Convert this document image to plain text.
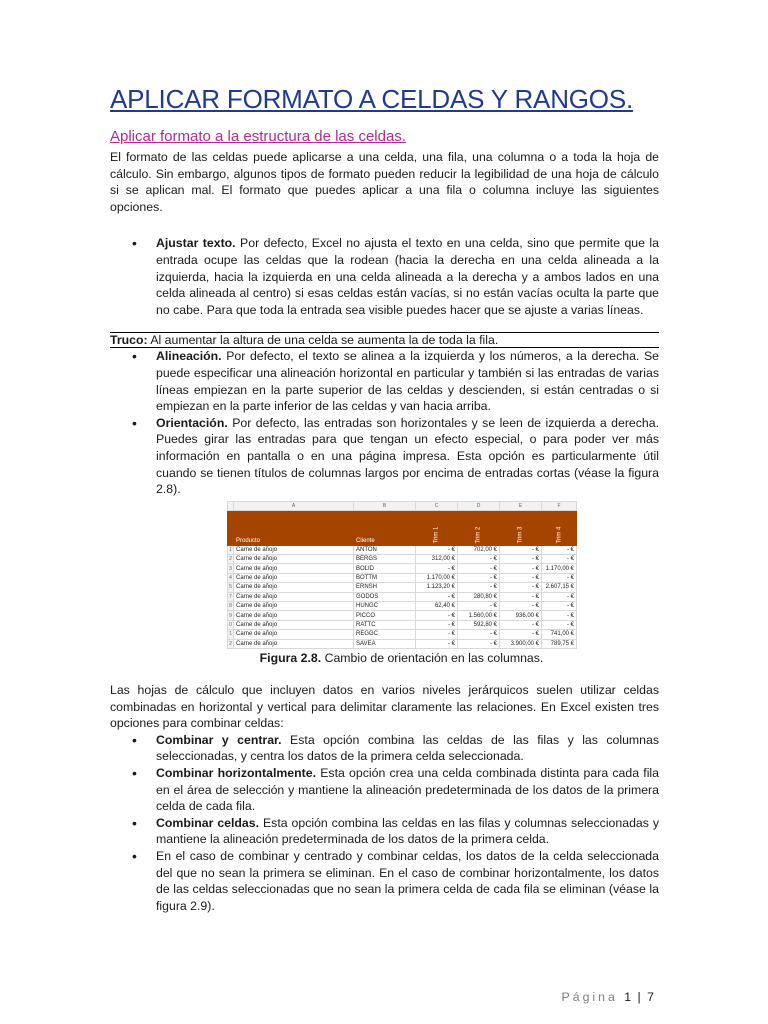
APLICAR FORMATO A CELDAS Y RANGOS.
Aplicar formato a la estructura de las celdas.

El formato de las celdas puede aplicarse a una celda, una fila, una columna o a toda la hoja de cálculo. Sin embargo, algunos tipos de formato pueden reducir la legibilidad de una hoja de cálculo si se aplican mal. El formato que puedes aplicar a una fila o columna incluye las siguientes opciones.

• Ajustar texto. Por defecto, Excel no ajusta el texto en una celda, sino que permite que la entrada ocupe las celdas que la rodean (hacia la derecha en una celda alineada a la izquierda, hacia la izquierda en una celda alineada a la derecha y a ambos lados en una celda alineada al centro) si esas celdas están vacías, si no están vacías oculta la parte que no cabe. Para que toda la entrada sea visible puedes hacer que se ajuste a varias líneas.
Truco: Al aumentar la altura de una celda se aumenta la de toda la fila.
• Alineación. Por defecto, el texto se alinea a la izquierda y los números, a la derecha. Se puede especificar una alineación horizontal en particular y también si las entradas de varias líneas empiezan en la parte superior de las celdas y descienden, si están centradas o si empiezan en la parte inferior de las celdas y van hacia arriba.
• Orientación. Por defecto, las entradas son horizontales y se leen de izquierda a derecha. Puedes girar las entradas para que tengan un efecto especial, o para poder ver más información en pantalla o en una página impresa. Esta opción es particularmente útil cuando se tienen títulos de columnas largos por encima de entradas cortas (véase la figura 2.8).
	A	B	C	D	E	F
	Producto	Cliente	Trim 1	Trim 2	Trim 3	Trim 4
1	Carne de añojo	ANTON	- €	702,00 €	- €	- €
2	Carne de añojo	BERGS	312,00 €	- €	- €	- €
3	Carne de añojo	BOLID	- €	- €	- €	1.170,00 €
4	Carne de añojo	BOTTM	1.170,00 €	- €	- €	- €
5	Carne de añojo	ERNSH	1.123,20 €	- €	- €	2.607,15 €
7	Carne de añojo	GODOS	- €	280,80 €	- €	- €
8	Carne de añojo	HUNGC	62,40 €	- €	- €	- €
9	Carne de añojo	PICCO	- €	1.560,00 €	936,00 €	- €
0	Carne de añojo	RATTC	- €	592,80 €	- €	- €
1	Carne de añojo	REGGC	- €	- €	- €	741,00 €
2	Carne de añojo	SAVEA	- €	- €	3.900,00 €	789,75 €
Figura 2.8. Cambio de orientación en las columnas.

Las hojas de cálculo que incluyen datos en varios niveles jerárquicos suelen utilizar celdas combinadas en horizontal y vertical para delimitar claramente las relaciones. En Excel existen tres opciones para combinar celdas:

• Combinar y centrar. Esta opción combina las celdas de las filas y las columnas seleccionadas, y centra los datos de la primera celda seleccionada.
• Combinar horizontalmente. Esta opción crea una celda combinada distinta para cada fila en el área de selección y mantiene la alineación predeterminada de los datos de la primera celda de cada fila.
• Combinar celdas. Esta opción combina las celdas en las filas y columnas seleccionadas y mantiene la alineación predeterminada de los datos de la primera celda.
• En el caso de combinar y centrado y combinar celdas, los datos de la celda seleccionada del que no sean la primera se eliminan. En el caso de combinar horizontalmente, los datos de las celdas seleccionadas que no sean la primera celda de cada fila se eliminan (véase la figura 2.9).
Página 1 | 7
